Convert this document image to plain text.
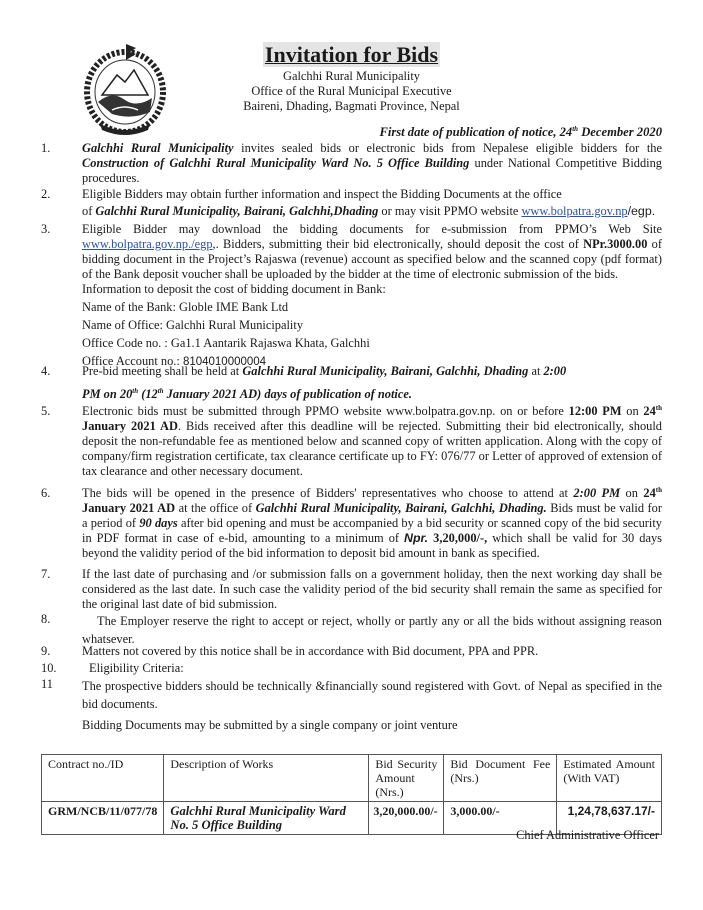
Invitation for Bids
Galchhi Rural Municipality
Office of the Rural Municipal Executive
Baireni, Dhading, Bagmati Province, Nepal
First date of publication of notice, 24th December 2020
1.	Galchhi Rural Municipality invites sealed bids or electronic bids from Nepalese eligible bidders for the Construction of Galchhi Rural Municipality Ward No. 5 Office Building under National Competitive Bidding procedures.
2.	Eligible Bidders may obtain further information and inspect the Bidding Documents at the office
of Galchhi Rural Municipality, Bairani, Galchhi,Dhading or may visit PPMO website www.bolpatra.gov.np/egp.
3.	Eligible Bidder may download the bidding documents for e-submission from PPMO’s Web Site www.bolpatra.gov.np./egp,. Bidders, submitting their bid electronically, should deposit the cost of NPr.3000.00 of bidding document in the Project’s Rajaswa (revenue) account as specified below and the scanned copy (pdf format) of the Bank deposit voucher shall be uploaded by the bidder at the time of electronic submission of the bids.
Information to deposit the cost of bidding document in Bank:
Name of the Bank: Globle IME Bank Ltd
Name of Office: Galchhi Rural Municipality
Office Code no. : Ga1.1 Aantarik Rajaswa Khata, Galchhi
Office Account no.: 8104010000004
4.	Pre-bid meeting shall be held at Galchhi Rural Municipality, Bairani, Galchhi, Dhading at 2:00
PM on 20th (12th January 2021 AD) days of publication of notice.
5.	Electronic bids must be submitted through PPMO website www.bolpatra.gov.np. on or before 12:00 PM on 24th January 2021 AD. Bids received after this deadline will be rejected. Submitting their bid electronically, should deposit the non-refundable fee as mentioned below and scanned copy of written application. Along with the copy of company/firm registration certificate, tax clearance certificate up to FY: 076/77 or Letter of approved of extension of tax clearance and other necessary document.
6.	The bids will be opened in the presence of Bidders' representatives who choose to attend at 2:00 PM on 24th January 2021 AD at the office of Galchhi Rural Municipality, Bairani, Galchhi, Dhading. Bids must be valid for a period of 90 days after bid opening and must be accompanied by a bid security or scanned copy of the bid security in PDF format in case of e-bid, amounting to a minimum of Npr. 3,20,000/-, which shall be valid for 30 days beyond the validity period of the bid information to deposit bid amount in bank as specified.
7.	If the last date of purchasing and /or submission falls on a government holiday, then the next working day shall be considered as the last date. In such case the validity period of the bid security shall remain the same as specified for the original last date of bid submission.
8.	The Employer reserve the right to accept or reject, wholly or partly any or all the bids without assigning reason whatsever.
9.	Matters not covered by this notice shall be in accordance with Bid document, PPA and PPR.
10.	Eligibility Criteria:
11 The prospective bidders should be technically &financially sound registered with Govt. of Nepal as specified in the bid documents.
Bidding Documents may be submitted by a single company or joint venture
Contract no./ID	Description of Works	Bid Security Amount (Nrs.)	Bid Document Fee (Nrs.)	Estimated Amount (With VAT)
GRM/NCB/11/077/78	Galchhi Rural Municipality Ward No. 5 Office Building	3,20,000.00/-	3,000.00/-	1,24,78,637.17/-
Chief Administrative Officer
